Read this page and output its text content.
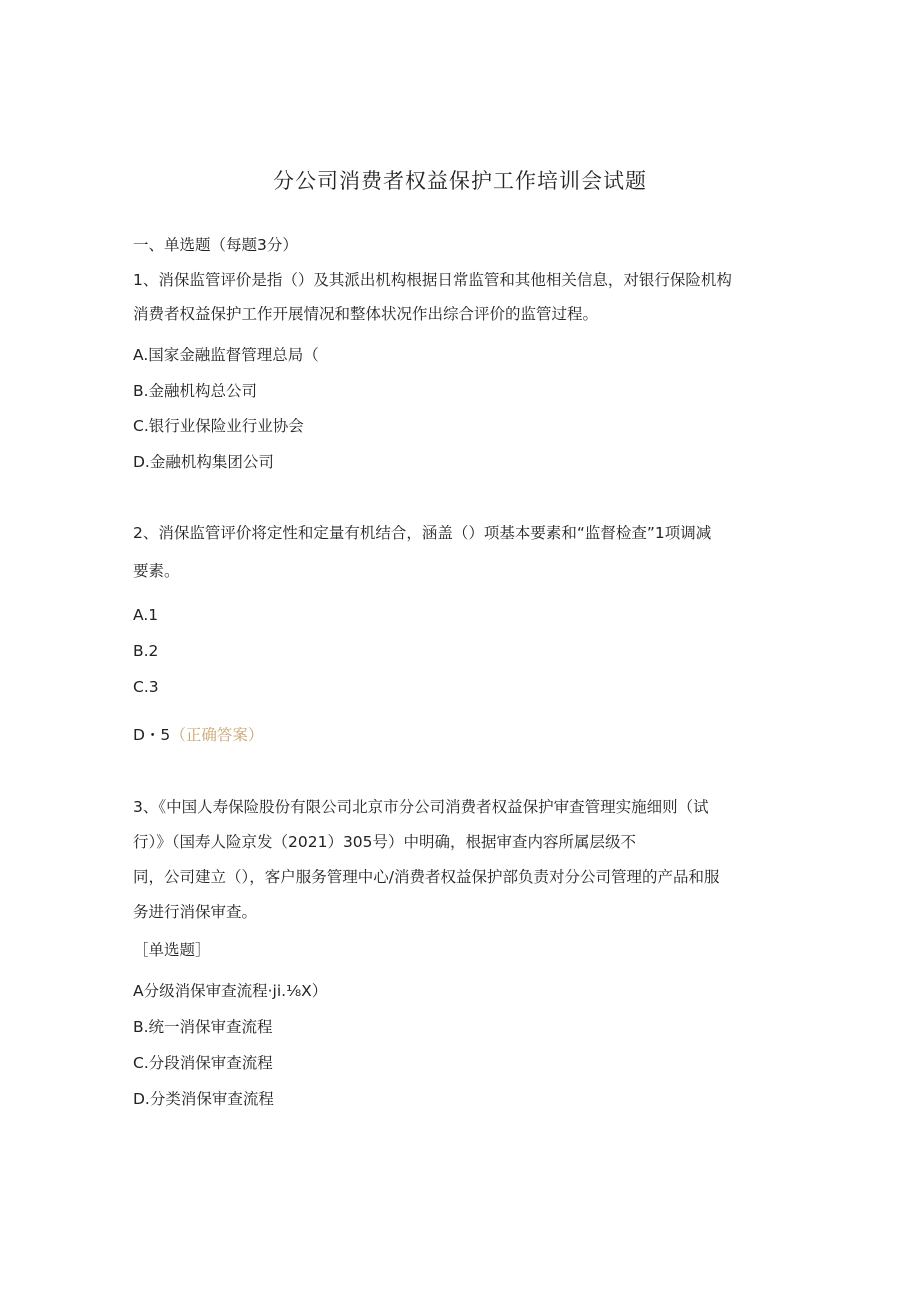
分公司消费者权益保护工作培训会试题
一、单选题（每题3分）
1、消保监管评价是指（）及其派出机构根据日常监管和其他相关信息，对银行保险机构
消费者权益保护工作开展情况和整体状况作出综合评价的监管过程。
A.国家金融监督管理总局（
B.金融机构总公司
C.银行业保险业行业协会
D.金融机构集团公司
2、消保监管评价将定性和定量有机结合，涵盖（）项基本要素和“监督检查”1项调减
要素。
A.1
B.2
C.3
D・5（正确答案）
3、《中国人寿保险股份有限公司北京市分公司消费者权益保护审查管理实施细则（试
行）》（国寿人险京发（2021）305号）中明确，根据审查内容所属层级不
同，公司建立（），客户服务管理中心/消费者权益保护部负责对分公司管理的产品和服
务进行消保审查。
［单选题］
A分级消保审查流程·ji.⅛X）
B.统一消保审查流程
C.分段消保审查流程
D.分类消保审查流程
